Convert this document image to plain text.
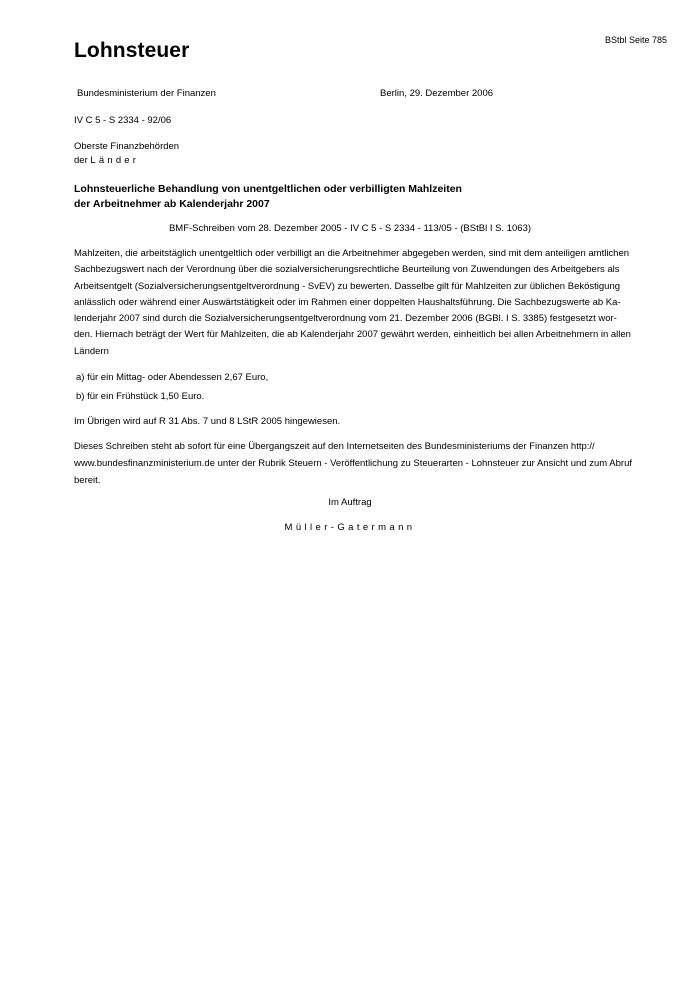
BStbl Seite 785
Lohnsteuer
Bundesministerium der Finanzen	Berlin, 29. Dezember 2006
IV C 5 - S 2334 - 92/06
Oberste Finanzbehörden
der Länder
Lohnsteuerliche Behandlung von unentgeltlichen oder verbilligten Mahlzeiten
der Arbeitnehmer ab Kalenderjahr 2007
BMF-Schreiben vom 28. Dezember 2005 - IV C 5 - S 2334 - 113/05 - (BStBl I S. 1063)
Mahlzeiten, die arbeitstäglich unentgeltlich oder verbilligt an die Arbeitnehmer abgegeben werden, sind mit dem anteiligen amtlichen
Sachbezugswert nach der Verordnung über die sozialversicherungsrechtliche Beurteilung von Zuwendungen des Arbeitgebers als
Arbeitsentgelt (Sozialversicherungsentgeltverordnung - SvEV) zu bewerten. Dasselbe gilt für Mahlzeiten zur üblichen Beköstigung
anlässlich oder während einer Auswärtstätigkeit oder im Rahmen einer doppelten Haushaltsführung. Die Sachbezugswerte ab Ka-
lenderjahr 2007 sind durch die Sozialversicherungsentgeltverordnung vom 21. Dezember 2006 (BGBl. I S. 3385) festgesetzt wor-
den. Hiernach beträgt der Wert für Mahlzeiten, die ab Kalenderjahr 2007 gewährt werden, einheitlich bei allen Arbeitnehmern in allen
Ländern
a) für ein Mittag- oder Abendessen 2,67 Euro,
b) für ein Frühstück 1,50 Euro.
Im Übrigen wird auf R 31 Abs. 7 und 8 LStR 2005 hingewiesen.
Dieses Schreiben steht ab sofort für eine Übergangszeit auf den Internetseiten des Bundesministeriums der Finanzen http://
www.bundesfinanzministerium.de unter der Rubrik Steuern - Veröffentlichung zu Steuerarten - Lohnsteuer zur Ansicht und zum Abruf
bereit.
Im Auftrag
Müller-Gatermann
